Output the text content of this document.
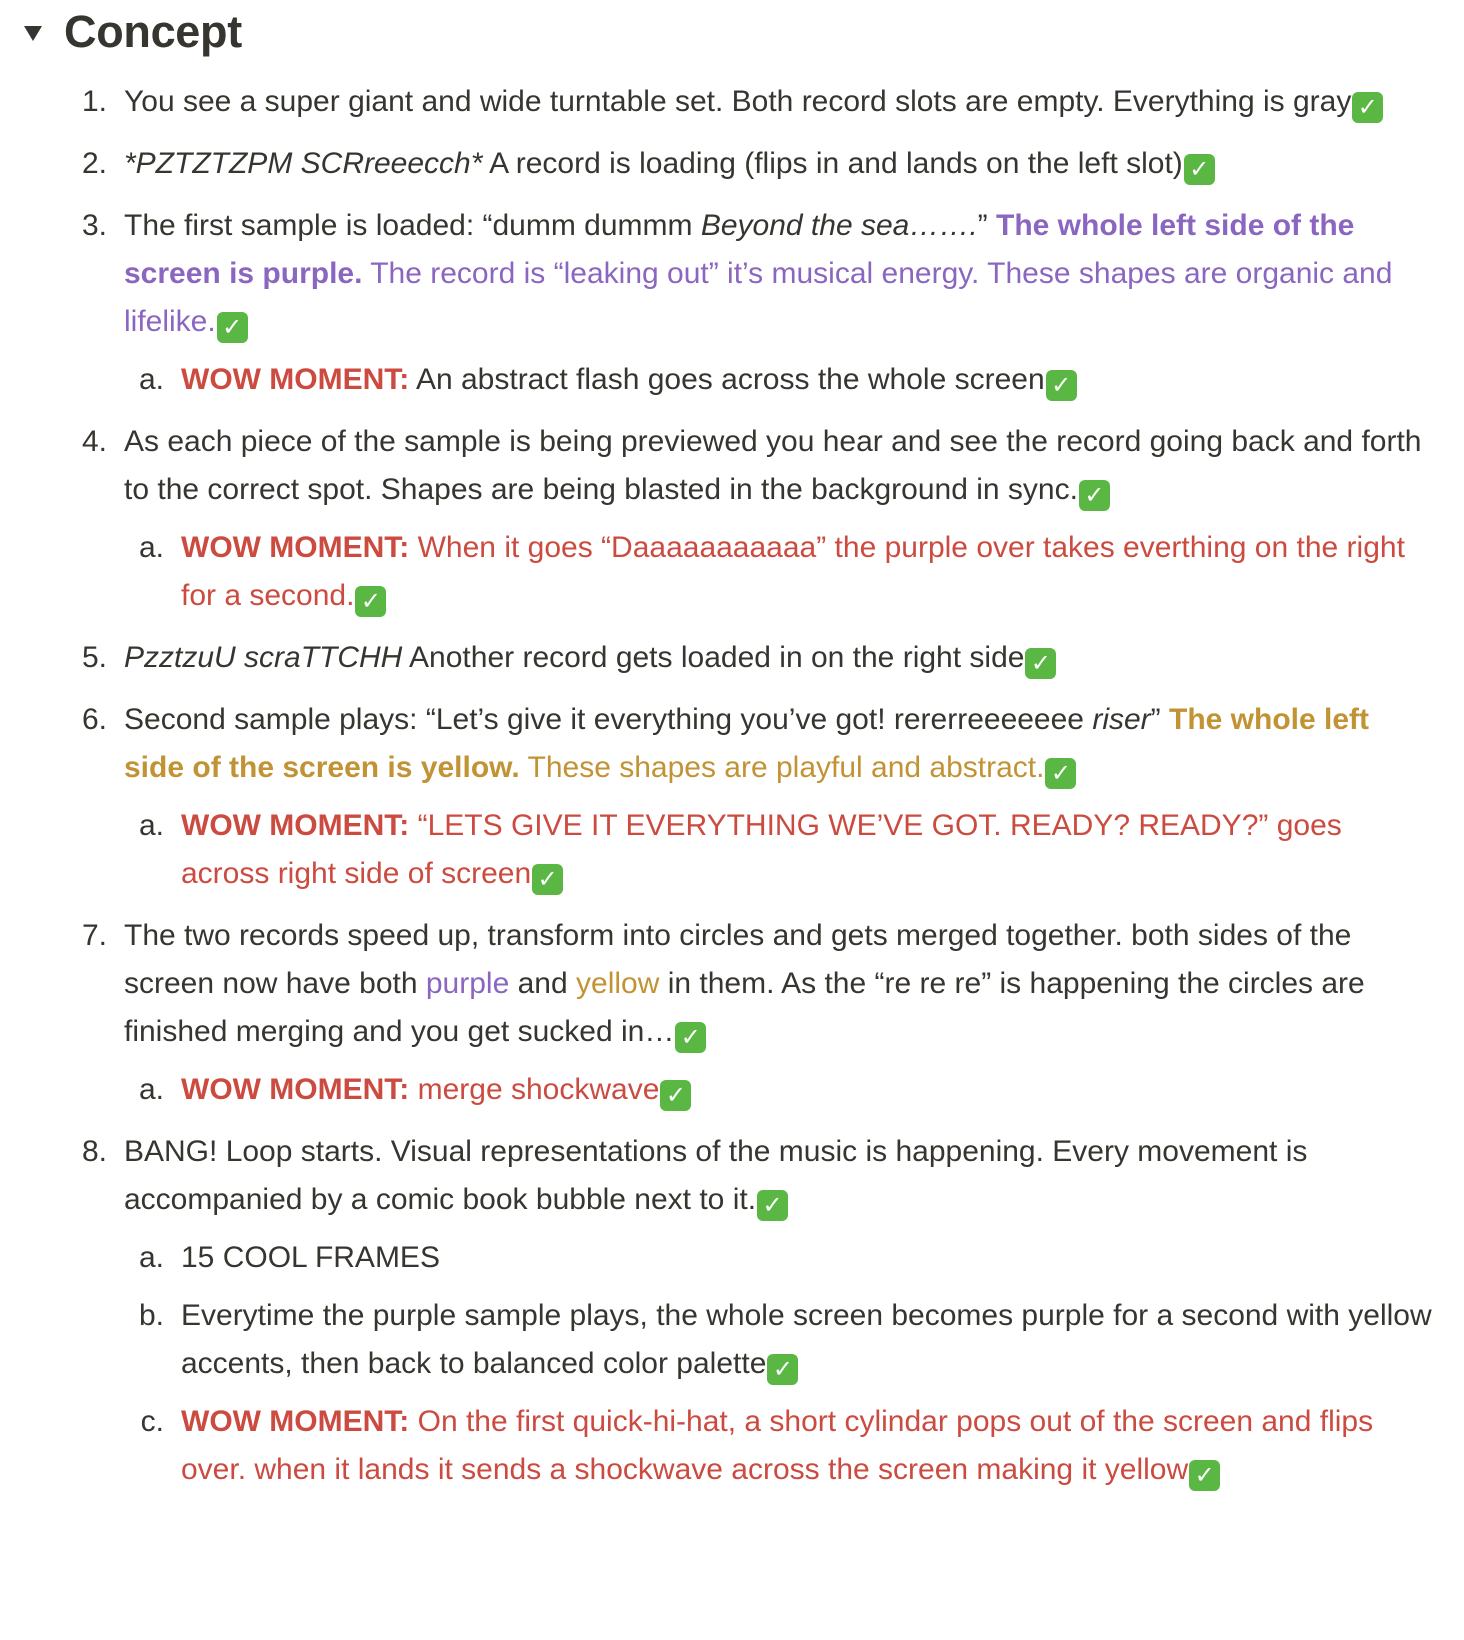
Concept
1. You see a super giant and wide turntable set. Both record slots are empty. Everything is gray ✓
2. *PZTZTZPM SCRreeecch* A record is loading (flips in and lands on the left slot) ✓
3. The first sample is loaded: “dumm dummm Beyond the sea…….” The whole left side of the screen is purple. The record is “leaking out” it’s musical energy. These shapes are organic and lifelike. ✓
a. WOW MOMENT: An abstract flash goes across the whole screen ✓
4. As each piece of the sample is being previewed you hear and see the record going back and forth to the correct spot. Shapes are being blasted in the background in sync. ✓
a. WOW MOMENT: When it goes “Daaaaaaaaaaa” the purple over takes everthing on the right for a second. ✓
5. PzztzuU scraTTCHH Another record gets loaded in on the right side ✓
6. Second sample plays: “Let’s give it everything you’ve got! rererreeeeeee riser” The whole left side of the screen is yellow. These shapes are playful and abstract. ✓
a. WOW MOMENT: “LETS GIVE IT EVERYTHING WE’VE GOT. READY? READY?” goes across right side of screen ✓
7. The two records speed up, transform into circles and gets merged together. both sides of the screen now have both purple and yellow in them. As the “re re re” is happening the circles are finished merging and you get sucked in… ✓
a. WOW MOMENT: merge shockwave ✓
8. BANG! Loop starts. Visual representations of the music is happening. Every movement is accompanied by a comic book bubble next to it. ✓
a. 15 COOL FRAMES
b. Everytime the purple sample plays, the whole screen becomes purple for a second with yellow accents, then back to balanced color palette ✓
c. WOW MOMENT: On the first quick-hi-hat, a short cylindar pops out of the screen and flips over. when it lands it sends a shockwave across the screen making it yellow ✓
